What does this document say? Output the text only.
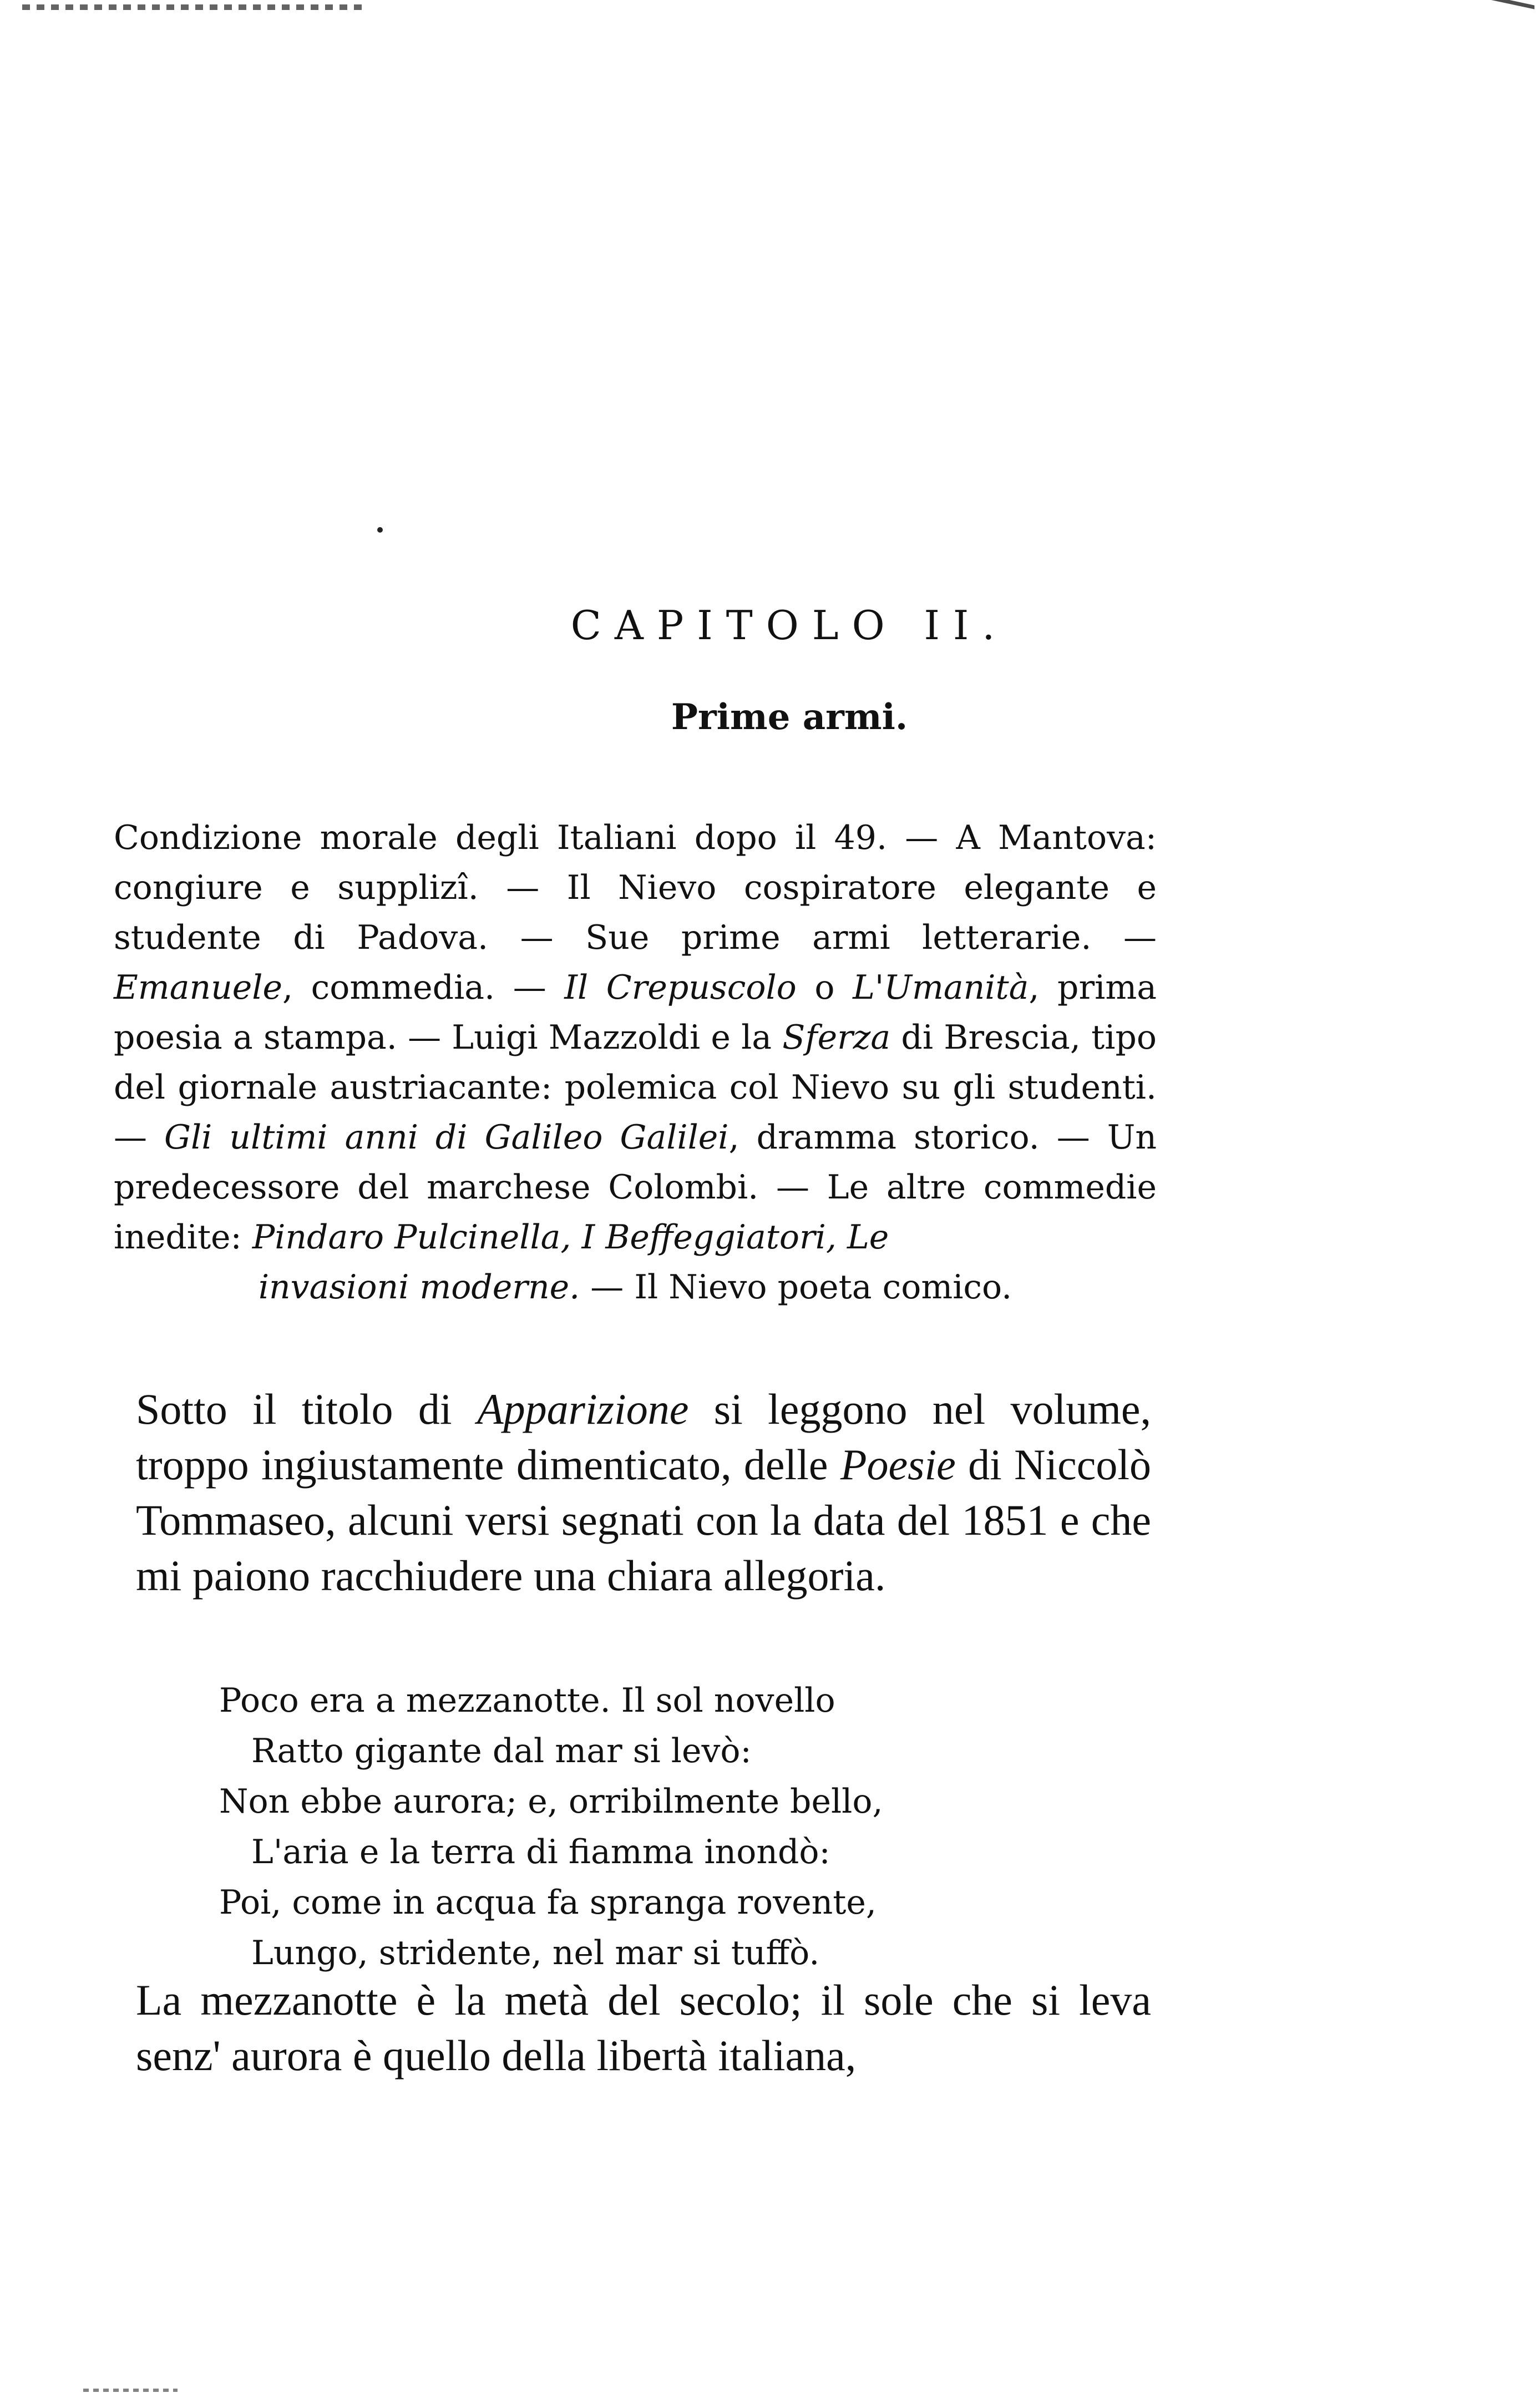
CAPITOLO II.
Prime armi.

Condizione morale degli Italiani dopo il 49. — A Mantova: congiure e supplizî. — Il Nievo cospiratore elegante e studente di Padova. — Sue prime armi letterarie. — Emanuele, commedia. — Il Crepuscolo o L'Umanità, prima poesia a stampa. — Luigi Mazzoldi e la Sferza di Brescia, tipo del giornale austriacante: polemica col Nievo su gli studenti. — Gli ultimi anni di Galileo Galilei, dramma storico. — Un predecessore del marchese Colombi. — Le altre commedie inedite: Pindaro Pulcinella, I Beffeggiatori, Le
invasioni moderne. — Il Nievo poeta comico.

Sotto il titolo di Apparizione si leggono nel volume, troppo ingiustamente dimenticato, delle Poesie di Niccolò Tommaseo, alcuni versi segnati con la data del 1851 e che mi paiono racchiudere una chiara allegoria.

Poco era a mezzanotte. Il sol novello
Ratto gigante dal mar si levò:
Non ebbe aurora; e, orribilmente bello,
L'aria e la terra di fiamma inondò:
Poi, come in acqua fa spranga rovente,
Lungo, stridente, nel mar si tuffò.

La mezzanotte è la metà del secolo; il sole che si leva senz' aurora è quello della libertà italiana,
